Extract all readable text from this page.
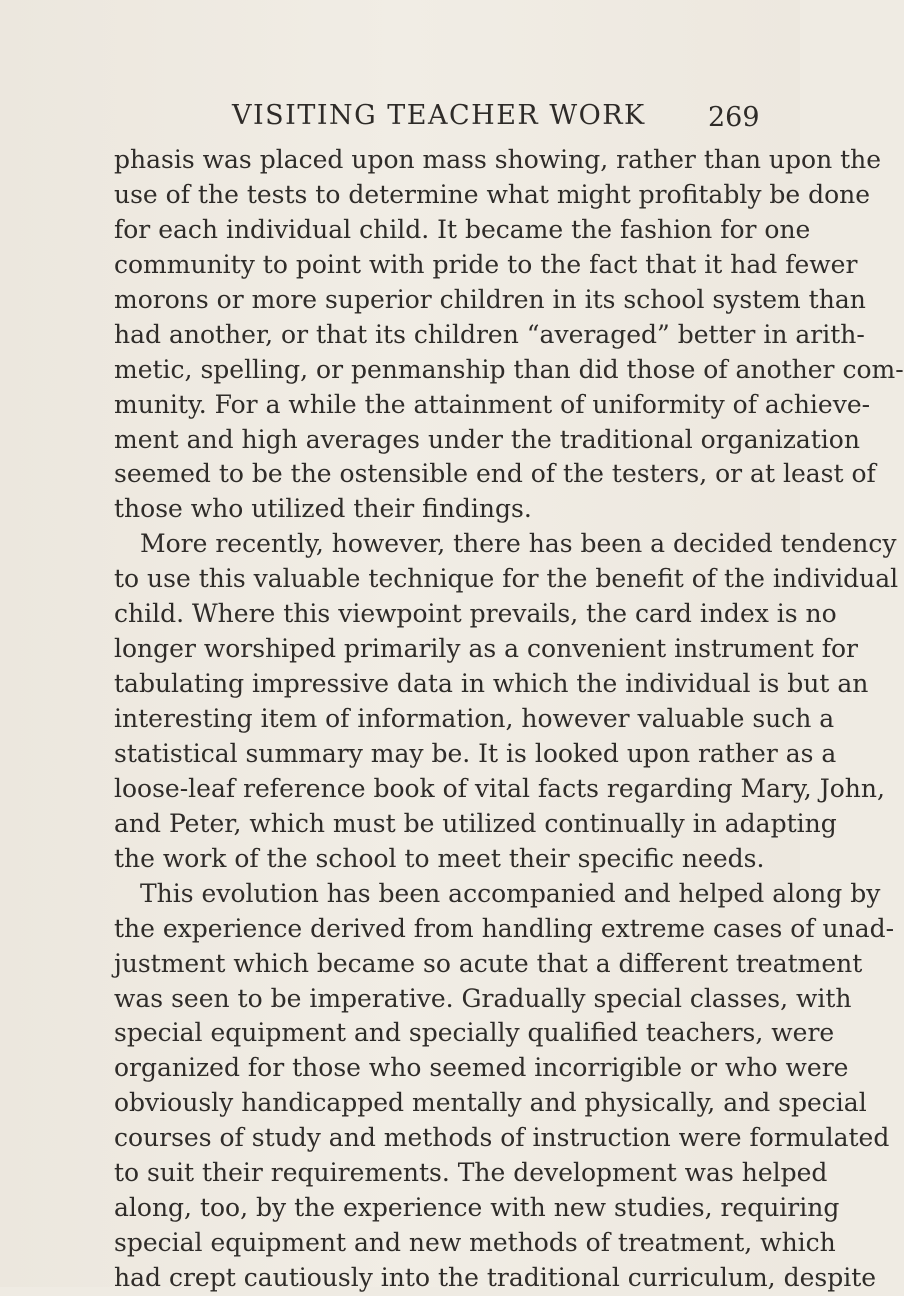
VISITING TEACHER WORK 269
phasis was placed upon mass showing, rather than upon the
use of the tests to determine what might profitably be done
for each individual child. It became the fashion for one
community to point with pride to the fact that it had fewer
morons or more superior children in its school system than
had another, or that its children “averaged” better in arith-
metic, spelling, or penmanship than did those of another com-
munity. For a while the attainment of uniformity of achieve-
ment and high averages under the traditional organization
seemed to be the ostensible end of the testers, or at least of
those who utilized their findings.
More recently, however, there has been a decided tendency
to use this valuable technique for the benefit of the individual
child. Where this viewpoint prevails, the card index is no
longer worshiped primarily as a convenient instrument for
tabulating impressive data in which the individual is but an
interesting item of information, however valuable such a
statistical summary may be. It is looked upon rather as a
loose-leaf reference book of vital facts regarding Mary, John,
and Peter, which must be utilized continually in adapting
the work of the school to meet their specific needs.
This evolution has been accompanied and helped along by
the experience derived from handling extreme cases of unad-
justment which became so acute that a different treatment
was seen to be imperative. Gradually special classes, with
special equipment and specially qualified teachers, were
organized for those who seemed incorrigible or who were
obviously handicapped mentally and physically, and special
courses of study and methods of instruction were formulated
to suit their requirements. The development was helped
along, too, by the experience with new studies, requiring
special equipment and new methods of treatment, which
had crept cautiously into the traditional curriculum, despite
